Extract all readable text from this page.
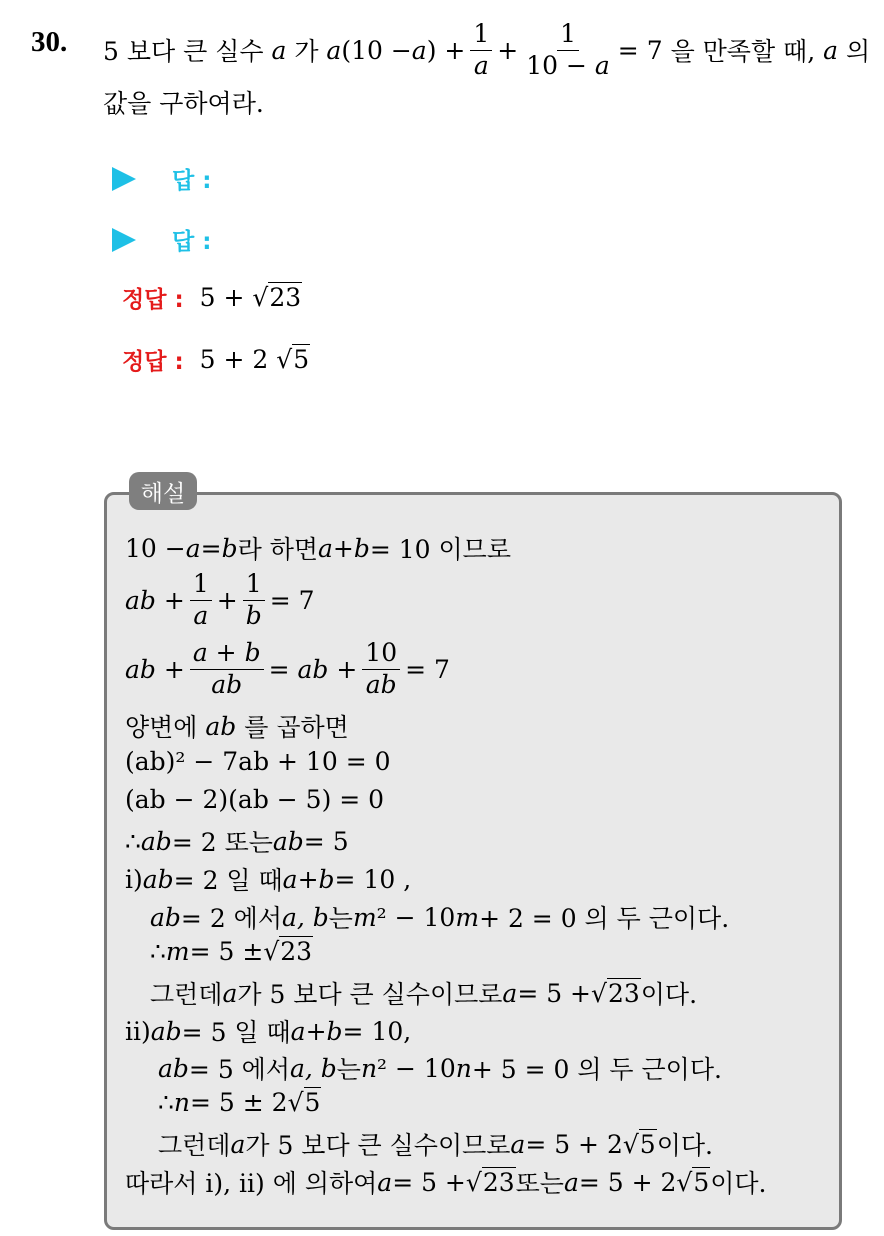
30. 5 보다 큰 실수
a
가
a (10 − a )
+ $\frac{1}{a} + \frac{1}{10 - a} = 7$
을 만족할 때,
a
의
값을 구하여라.
답 :
답 :
정답 : 5 + √23
정답 : 5 + 2 √5
해설
10 − a = b 라 하면 a + b = 10 이므로
ab + $\frac{1}{a} + \frac{1}{b} = 7$
ab + $\frac{a + b}{ab}$ = ab + $\frac{10}{ab} = 7$
양변에
ab
를 곱하면
(ab)² − 7ab + 10 = 0
(ab − 2)(ab − 5) = 0
∴ ab = 2 또는 ab = 5
i) ab = 2 일 때 a + b = 10 ,
ab = 2 에서 a, b 는 m ² − 10 m + 2 = 0 의 두 근이다.
∴ m = 5 ± √23
그런데 a 가 5 보다 큰 실수이므로 a = 5 + √23 이다.
ii) ab = 5 일 때 a + b = 10,
ab = 5 에서 a, b 는 n ² − 10 n + 5 = 0 의 두 근이다.
∴ n = 5 ± 2 √5
그런데 a 가 5 보다 큰 실수이므로 a = 5 + 2 √5 이다.
따라서 i), ii) 에 의하여 a = 5 + √23 또는 a = 5 + 2 √5 이다.
